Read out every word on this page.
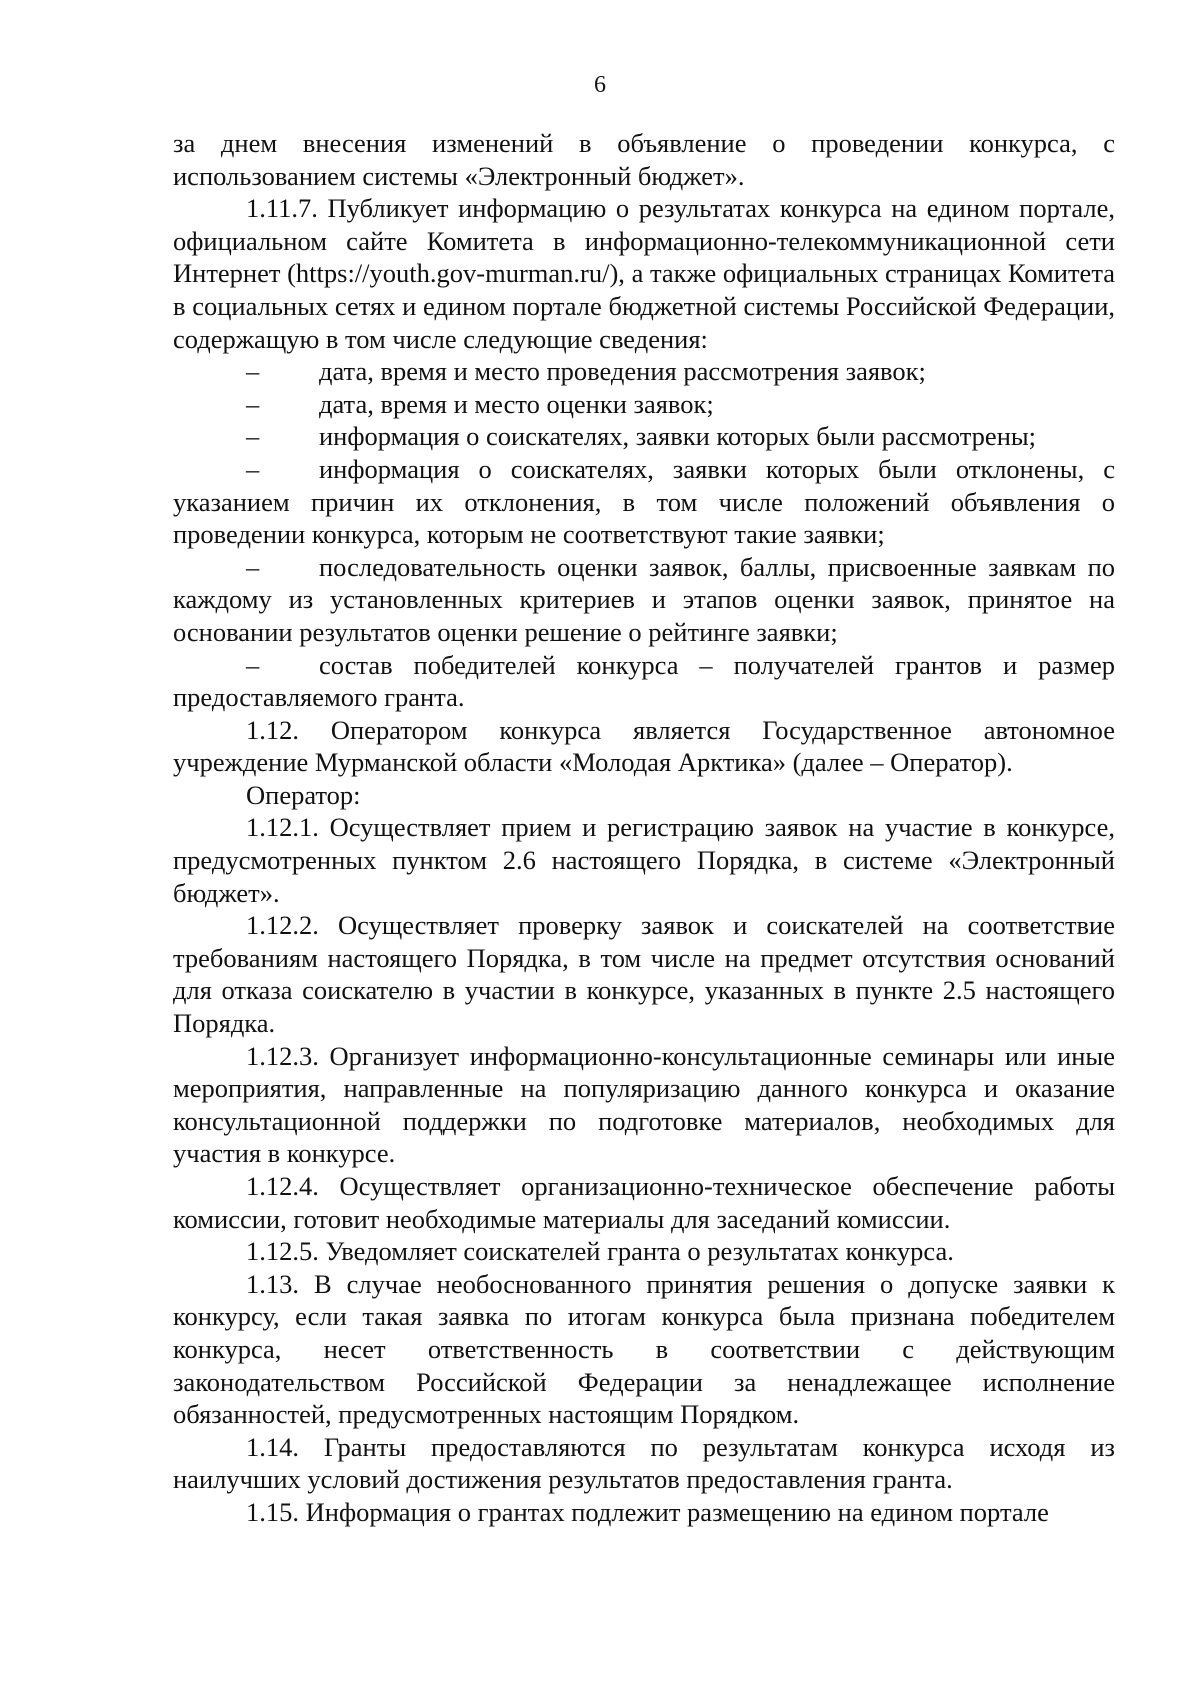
6

за днем внесения изменений в объявление о проведении конкурса, с использованием системы «Электронный бюджет».

1.11.7. Публикует информацию о результатах конкурса на едином портале, официальном сайте Комитета в информационно-телекоммуникационной сети Интернет (https://youth.gov-murman.ru/), а также официальных страницах Комитета в социальных сетях и едином портале бюджетной системы Российской Федерации, содержащую в том числе следующие сведения:

– дата, время и место проведения рассмотрения заявок;

– дата, время и место оценки заявок;

– информация о соискателях, заявки которых были рассмотрены;

– информация о соискателях, заявки которых были отклонены, с указанием причин их отклонения, в том числе положений объявления о проведении конкурса, которым не соответствуют такие заявки;

– последовательность оценки заявок, баллы, присвоенные заявкам по каждому из установленных критериев и этапов оценки заявок, принятое на основании результатов оценки решение о рейтинге заявки;

– состав победителей конкурса – получателей грантов и размер предоставляемого гранта.

1.12. Оператором конкурса является Государственное автономное учреждение Мурманской области «Молодая Арктика» (далее – Оператор).

Оператор:

1.12.1. Осуществляет прием и регистрацию заявок на участие в конкурсе, предусмотренных пунктом 2.6 настоящего Порядка, в системе «Электронный бюджет».

1.12.2. Осуществляет проверку заявок и соискателей на соответствие требованиям настоящего Порядка, в том числе на предмет отсутствия оснований для отказа соискателю в участии в конкурсе, указанных в пункте 2.5 настоящего Порядка.

1.12.3. Организует информационно-консультационные семинары или иные мероприятия, направленные на популяризацию данного конкурса и оказание консультационной поддержки по подготовке материалов, необходимых для участия в конкурсе.

1.12.4. Осуществляет организационно-техническое обеспечение работы комиссии, готовит необходимые материалы для заседаний комиссии.

1.12.5. Уведомляет соискателей гранта о результатах конкурса.

1.13. В случае необоснованного принятия решения о допуске заявки к конкурсу, если такая заявка по итогам конкурса была признана победителем конкурса, несет ответственность в соответствии с действующим законодательством Российской Федерации за ненадлежащее исполнение обязанностей, предусмотренных настоящим Порядком.

1.14. Гранты предоставляются по результатам конкурса исходя из наилучших условий достижения результатов предоставления гранта.

1.15. Информация о грантах подлежит размещению на едином портале
